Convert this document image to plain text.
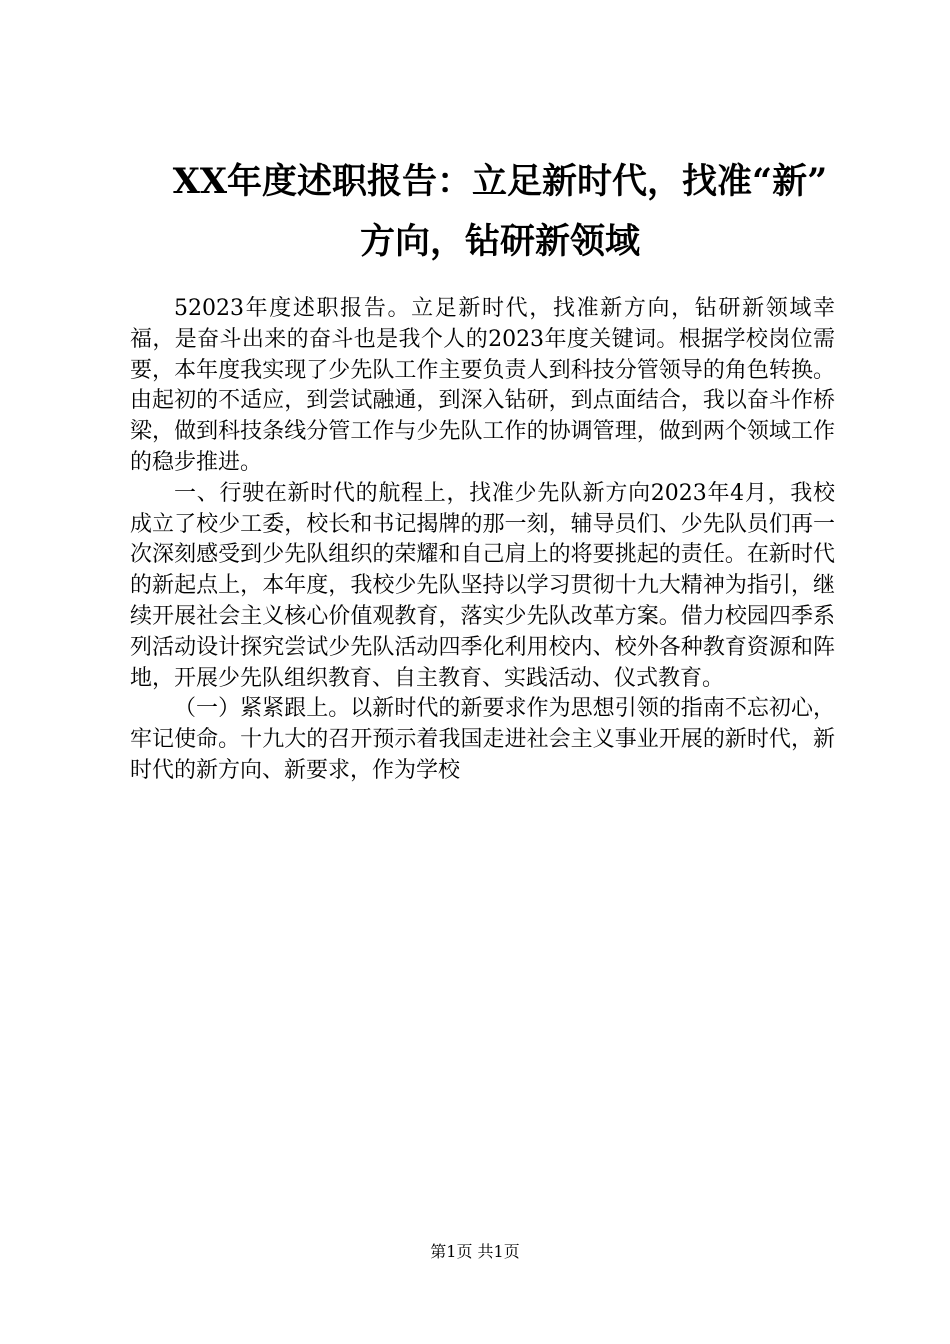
XX年度述职报告：立足新时代，找准“新”
方向，钻研新领域

52023年度述职报告。立足新时代，找准新方向，钻研新领域幸福，是奋斗出来的奋斗也是我个人的2023年度关键词。根据学校岗位需要，本年度我实现了少先队工作主要负责人到科技分管领导的角色转换。由起初的不适应，到尝试融通，到深入钻研，到点面结合，我以奋斗作桥梁，做到科技条线分管工作与少先队工作的协调管理，做到两个领域工作的稳步推进。

一、行驶在新时代的航程上，找准少先队新方向2023年4月，我校成立了校少工委，校长和书记揭牌的那一刻，辅导员们、少先队员们再一次深刻感受到少先队组织的荣耀和自己肩上的将要挑起的责任。在新时代的新起点上，本年度，我校少先队坚持以学习贯彻十九大精神为指引，继续开展社会主义核心价值观教育，落实少先队改革方案。借力校园四季系列活动设计探究尝试少先队活动四季化利用校内、校外各种教育资源和阵地，开展少先队组织教育、自主教育、实践活动、仪式教育。

（一）紧紧跟上。以新时代的新要求作为思想引领的指南不忘初心，牢记使命。十九大的召开预示着我国走进社会主义事业开展的新时代，新时代的新方向、新要求，作为学校

第1页 共1页
